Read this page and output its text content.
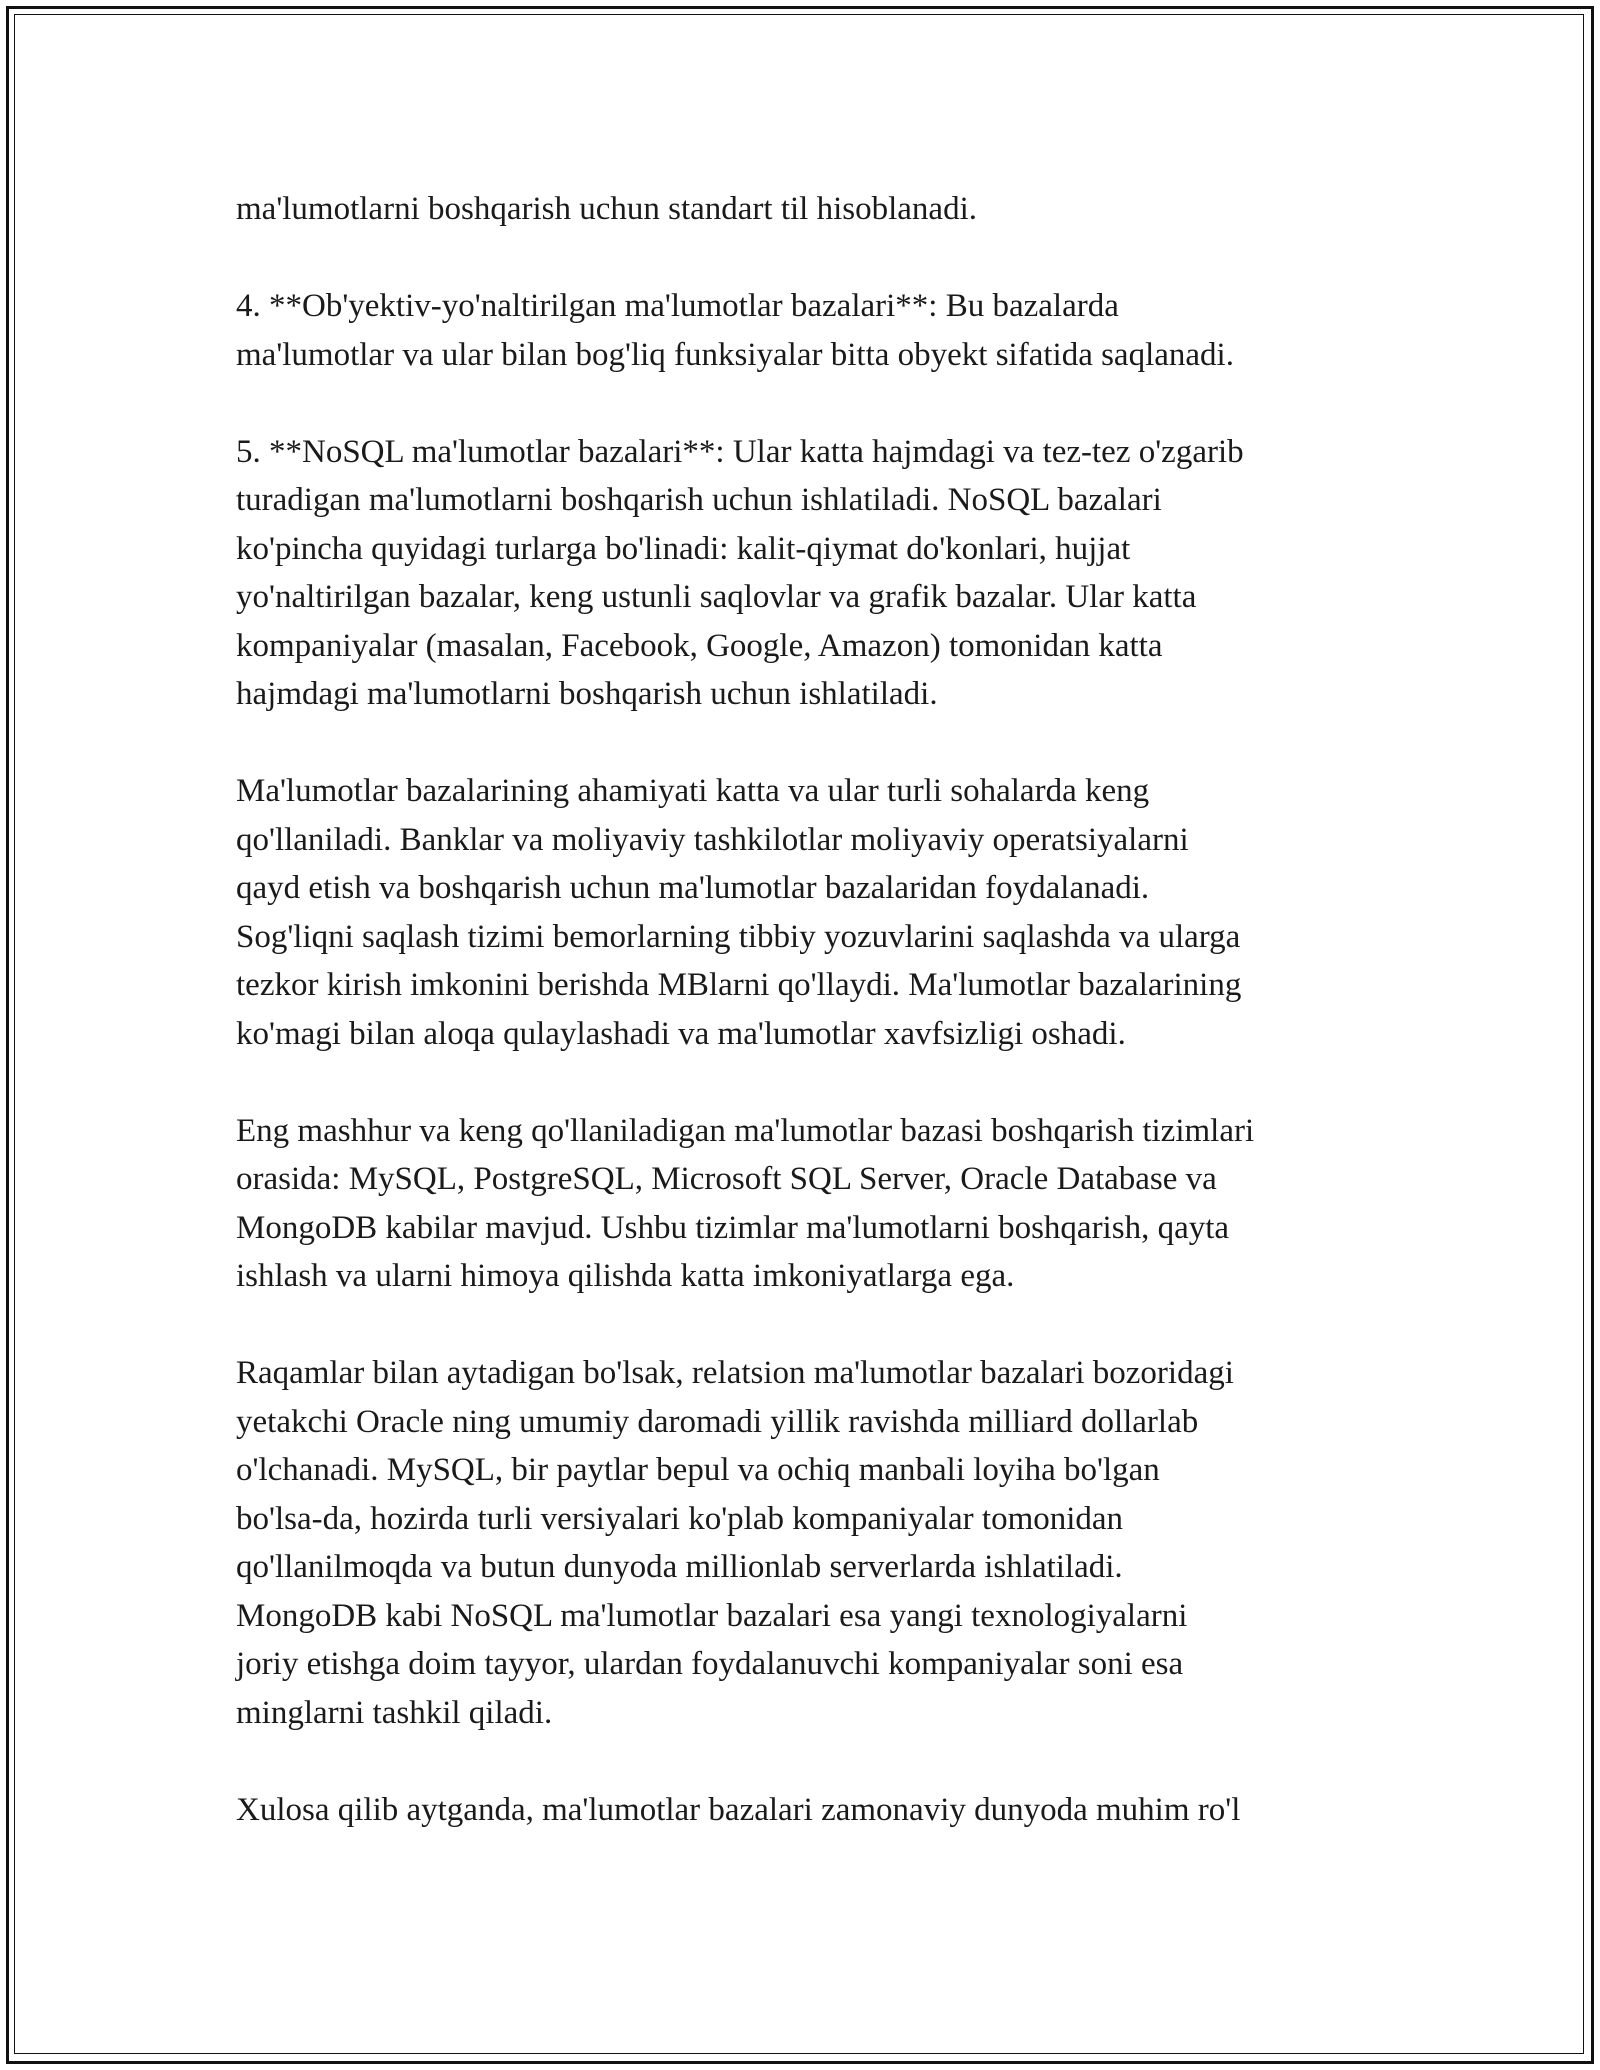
ma'lumotlarni boshqarish uchun standart til hisoblanadi.

4. **Ob'yektiv-yo'naltirilgan ma'lumotlar bazalari**: Bu bazalarda
ma'lumotlar va ular bilan bog'liq funksiyalar bitta obyekt sifatida saqlanadi.

5. **NoSQL ma'lumotlar bazalari**: Ular katta hajmdagi va tez-tez o'zgarib
turadigan ma'lumotlarni boshqarish uchun ishlatiladi. NoSQL bazalari
ko'pincha quyidagi turlarga bo'linadi: kalit-qiymat do'konlari, hujjat
yo'naltirilgan bazalar, keng ustunli saqlovlar va grafik bazalar. Ular katta
kompaniyalar (masalan, Facebook, Google, Amazon) tomonidan katta
hajmdagi ma'lumotlarni boshqarish uchun ishlatiladi.

Ma'lumotlar bazalarining ahamiyati katta va ular turli sohalarda keng
qo'llaniladi. Banklar va moliyaviy tashkilotlar moliyaviy operatsiyalarni
qayd etish va boshqarish uchun ma'lumotlar bazalaridan foydalanadi.
Sog'liqni saqlash tizimi bemorlarning tibbiy yozuvlarini saqlashda va ularga
tezkor kirish imkonini berishda MBlarni qo'llaydi. Ma'lumotlar bazalarining
ko'magi bilan aloqa qulaylashadi va ma'lumotlar xavfsizligi oshadi.

Eng mashhur va keng qo'llaniladigan ma'lumotlar bazasi boshqarish tizimlari
orasida: MySQL, PostgreSQL, Microsoft SQL Server, Oracle Database va
MongoDB kabilar mavjud. Ushbu tizimlar ma'lumotlarni boshqarish, qayta
ishlash va ularni himoya qilishda katta imkoniyatlarga ega.

Raqamlar bilan aytadigan bo'lsak, relatsion ma'lumotlar bazalari bozoridagi
yetakchi Oracle ning umumiy daromadi yillik ravishda milliard dollarlab
o'lchanadi. MySQL, bir paytlar bepul va ochiq manbali loyiha bo'lgan
bo'lsa-da, hozirda turli versiyalari ko'plab kompaniyalar tomonidan
qo'llanilmoqda va butun dunyoda millionlab serverlarda ishlatiladi.
MongoDB kabi NoSQL ma'lumotlar bazalari esa yangi texnologiyalarni
joriy etishga doim tayyor, ulardan foydalanuvchi kompaniyalar soni esa
minglarni tashkil qiladi.

Xulosa qilib aytganda, ma'lumotlar bazalari zamonaviy dunyoda muhim ro'l
